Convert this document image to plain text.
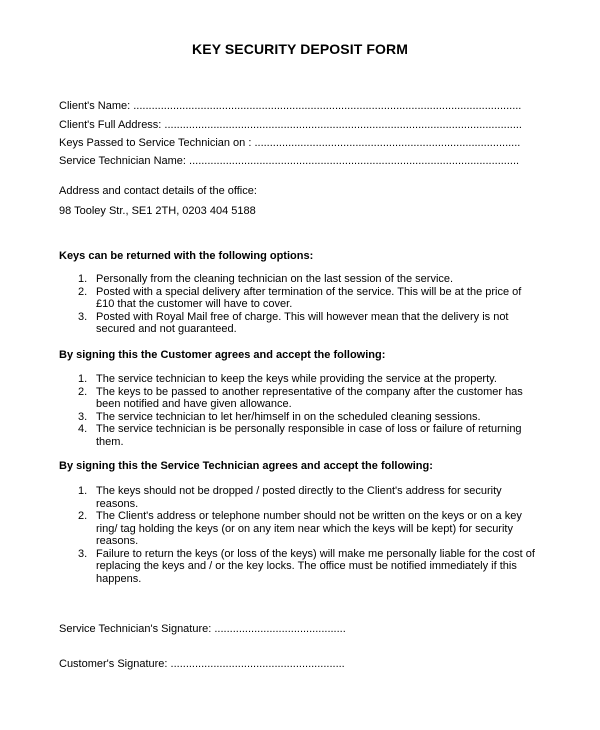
KEY SECURITY DEPOSIT FORM
Client's Name: ...............................................................................................................................
Client's Full Address: .....................................................................................................................
Keys Passed to Service Technician on : .......................................................................................
Service Technician Name: ............................................................................................................
Address and contact details of the office:
98 Tooley Str., SE1 2TH, 0203 404 5188
Keys can be returned with the following options:
1. Personally from the cleaning technician on the last session of the service.
2. Posted with a special delivery after termination of the service. This will be at the price of
£10 that the customer will have to cover.
3. Posted with Royal Mail free of charge. This will however mean that the delivery is not
secured and not guaranteed.
By signing this the Customer agrees and accept the following:
1. The service technician to keep the keys while providing the service at the property.
2. The keys to be passed to another representative of the company after the customer has
been notified and have given allowance.
3. The service technician to let her/himself in on the scheduled cleaning sessions.
4. The service technician is be personally responsible in case of loss or failure of returning
them.
By signing this the Service Technician agrees and accept the following:
1. The keys should not be dropped / posted directly to the Client's address for security
reasons.
2. The Client's address or telephone number should not be written on the keys or on a key
ring/ tag holding the keys (or on any item near which the keys will be kept) for security
reasons.
3. Failure to return the keys (or loss of the keys) will make me personally liable for the cost of
replacing the keys and / or the key locks. The office must be notified immediately if this
happens.
Service Technician's Signature: ...........................................
Customer's Signature: .........................................................
